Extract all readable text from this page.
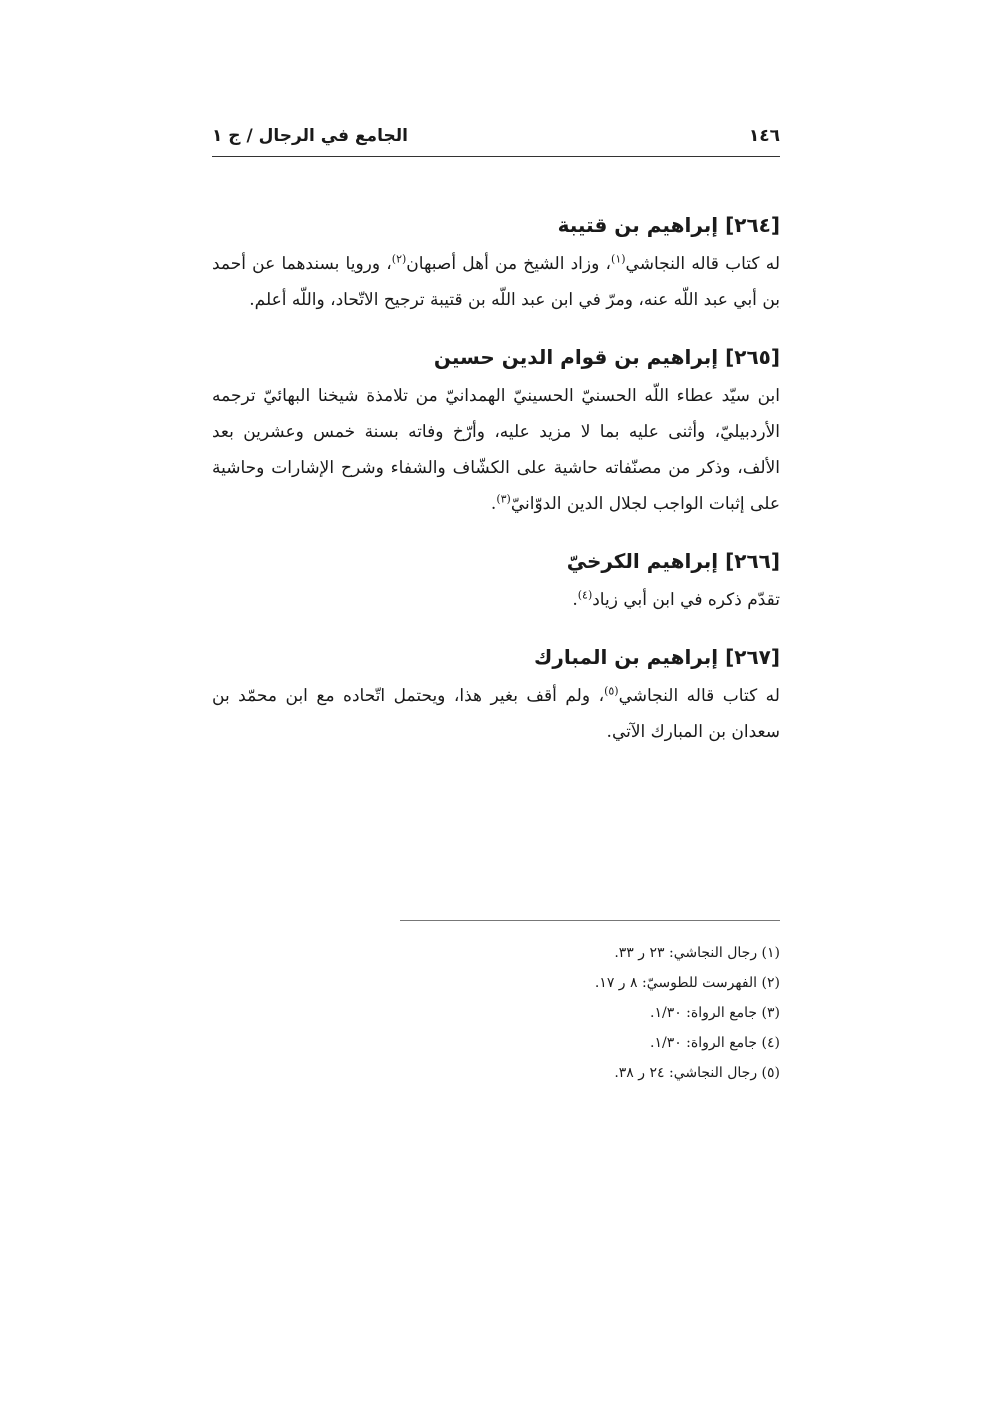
١٤٦
الجامع في الرجال / ج ١
[٢٦٤] إبراهيم بن قتيبة

له كتاب قاله النجاشي$^{(١)}$، وزاد الشيخ من أهل أصبهان$^{(٢)}$، ورويا بسندهما عن أحمد بن أبي عبد اللّه عنه، ومرّ في ابن عبد اللّه بن قتيبة ترجيح الاتّحاد، واللّه أعلم.

[٢٦٥] إبراهيم بن قوام الدين حسين

ابن سيّد عطاء اللّه الحسنيّ الحسينيّ الهمدانيّ من تلامذة شيخنا البهائيّ ترجمه الأردبيليّ، وأثنى عليه بما لا مزيد عليه، وأرّخ وفاته بسنة خمس وعشرين بعد الألف، وذكر من مصنّفاته حاشية على الكشّاف والشفاء وشرح الإشارات وحاشية على إثبات الواجب لجلال الدين الدوّانيّ$^{(٣)}$.

[٢٦٦] إبراهيم الكرخيّ

تقدّم ذكره في ابن أبي زياد$^{(٤)}$.

[٢٦٧] إبراهيم بن المبارك

له كتاب قاله النجاشي$^{(٥)}$، ولم أقف بغير هذا، ويحتمل اتّحاده مع ابن محمّد بن سعدان بن المبارك الآتي.

(١) رجال النجاشي: ٢٣ ر ٣٣.
(٢) الفهرست للطوسيّ: ٨ ر ١٧.
(٣) جامع الرواة: ١/٣٠.
(٤) جامع الرواة: ١/٣٠.
(٥) رجال النجاشي: ٢٤ ر ٣٨.
